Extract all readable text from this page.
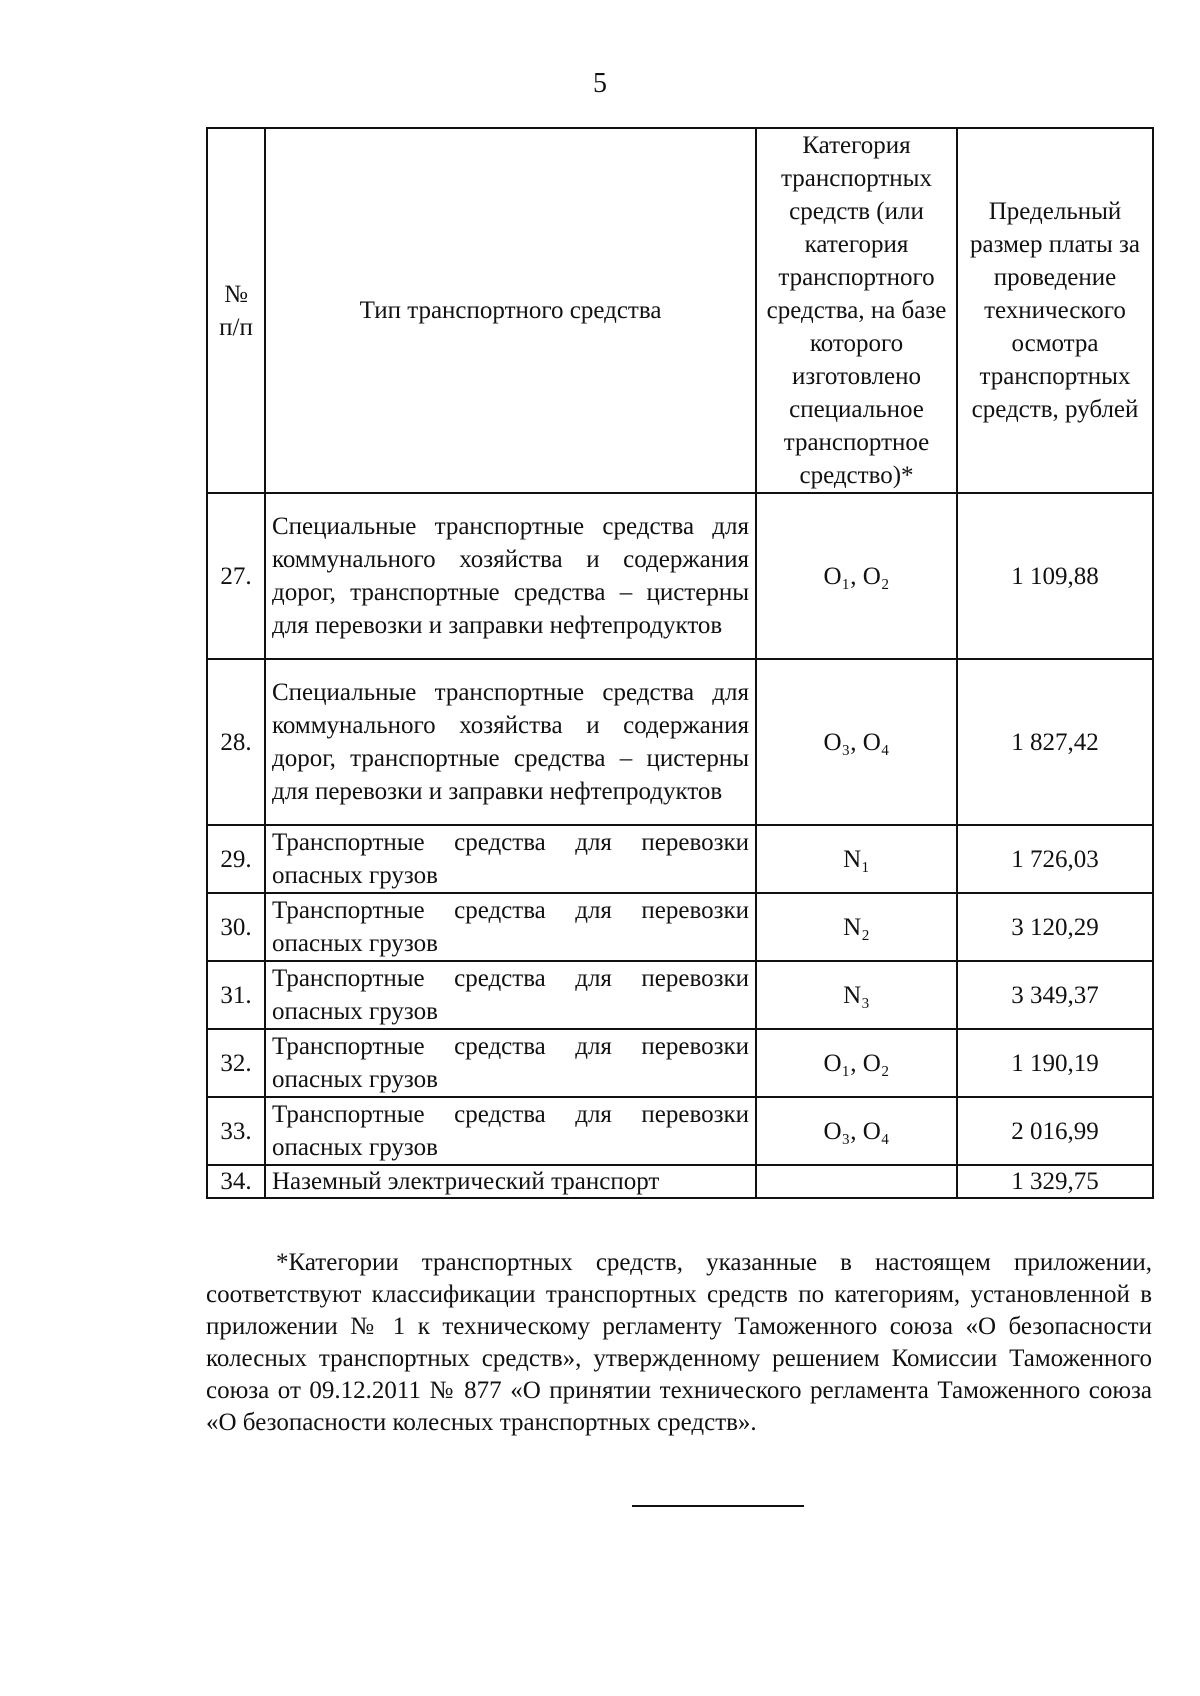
5
№ п/п	Тип транспортного средства	Категория транспортных средств (или категория транспортного средства, на базе которого изготовлено специальное транспортное средство)*	Предельный размер платы за проведение технического осмотра транспортных средств, рублей
27.	Специальные транспортные средства для коммунального хозяйства и содержания дорог, транспортные средства – цистерны для перевозки и заправки нефтепродуктов	O₁, O₂	1 109,88
28.	Специальные транспортные средства для коммунального хозяйства и содержания дорог, транспортные средства – цистерны для перевозки и заправки нефтепродуктов	O₃, O₄	1 827,42
29.	Транспортные средства для перевозки опасных грузов	N₁	1 726,03
30.	Транспортные средства для перевозки опасных грузов	N₂	3 120,29
31.	Транспортные средства для перевозки опасных грузов	N₃	3 349,37
32.	Транспортные средства для перевозки опасных грузов	O₁, O₂	1 190,19
33.	Транспортные средства для перевозки опасных грузов	O₃, O₄	2 016,99
34.	Наземный электрический транспорт		1 329,75

*Категории транспортных средств, указанные в настоящем приложении, соответствуют классификации транспортных средств по категориям, установленной в приложении № 1 к техническому регламенту Таможенного союза «О безопасности колесных транспортных средств», утвержденному решением Комиссии Таможенного союза от 09.12.2011 № 877 «О принятии технического регламента Таможенного союза «О безопасности колесных транспортных средств».
